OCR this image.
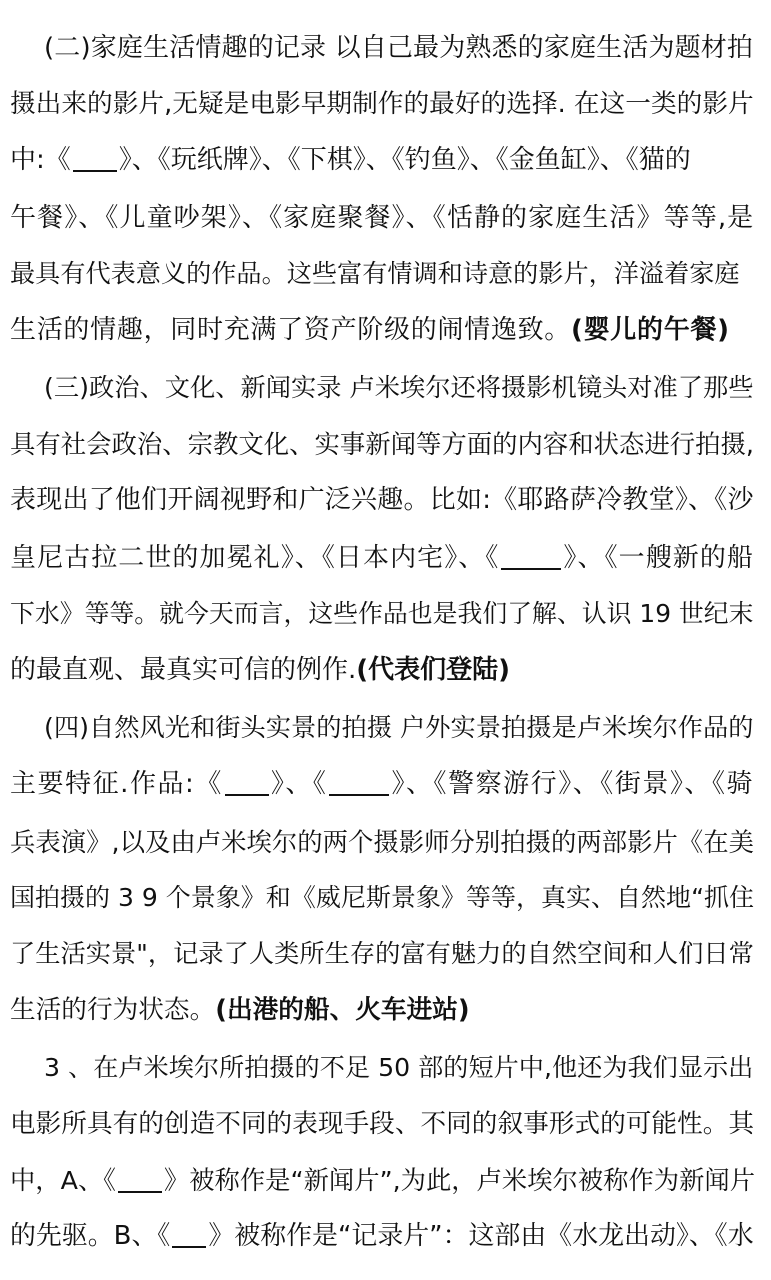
(二)家庭生活情趣的记录 以自己最为熟悉的家庭生活为题材拍
摄出来的影片,无疑是电影早期制作的最好的选择. 在这一类的影片
中:《 》、《玩纸牌》、《下棋》、《钓鱼》、《金鱼缸》、《猫的
午餐》、《儿童吵架》、《家庭聚餐》、《恬静的家庭生活》等等,是
最具有代表意义的作品。这些富有情调和诗意的影片，洋溢着家庭
生活的情趣，同时充满了资产阶级的闹情逸致。(婴儿的午餐)
(三)政治、文化、新闻实录 卢米埃尔还将摄影机镜头对准了那些
具有社会政治、宗教文化、实事新闻等方面的内容和状态进行拍摄,
表现出了他们开阔视野和广泛兴趣。比如:《耶路萨冷教堂》、《沙
皇尼古拉二世的加冕礼》、《日本内宅》、《 》、《一艘新的船
下水》等等。就今天而言，这些作品也是我们了解、认识 19 世纪末
的最直观、最真实可信的例作.(代表们登陆)
(四)自然风光和街头实景的拍摄 户外实景拍摄是卢米埃尔作品的
主要特征.作品:《 》、《 》、《警察游行》、《街景》、《骑
兵表演》,以及由卢米埃尔的两个摄影师分别拍摄的两部影片《在美
国拍摄的 3 9 个景象》和《威尼斯景象》等等，真实、自然地“抓住
了生活实景"，记录了人类所生存的富有魅力的自然空间和人们日常
生活的行为状态。(出港的船、火车进站)
3 、在卢米埃尔所拍摄的不足 50 部的短片中,他还为我们显示出
电影所具有的创造不同的表现手段、不同的叙事形式的可能性。其
中，A、《 》被称作是“新闻片”,为此，卢米埃尔被称作为新闻片
的先驱。B、《 》被称作是“记录片”：这部由《水龙出动》、《水
